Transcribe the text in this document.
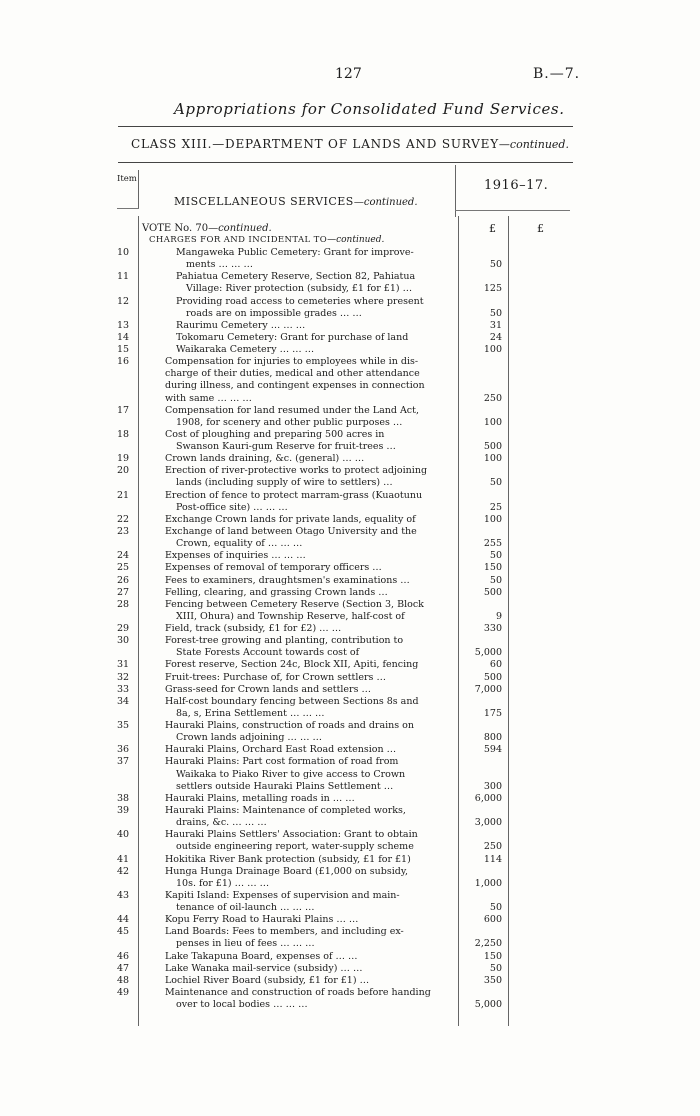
127	B.—7.
Appropriations for Consolidated Fund Services.
CLASS XIII.—DEPARTMENT OF LANDS AND SURVEY—continued.
Item	1916–17.
MISCELLANEOUS SERVICES—continued.
VOTE No. 70—continued.
CHARGES FOR AND INCIDENTAL TO—continued.
£	£
10	Mangaweka Public Cemetery: Grant for improve-
ments … … …	50
11	Pahiatua Cemetery Reserve, Section 82, Pahiatua
Village: River protection (subsidy, £1 for £1) …	125
12	Providing road access to cemeteries where present
roads are on impossible grades … …	50
13	Raurimu Cemetery … … …	31
14	Tokomaru Cemetery: Grant for purchase of land	24
15	Waikaraka Cemetery … … …	100
16	Compensation for injuries to employees while in dis-
charge of their duties, medical and other attendance
during illness, and contingent expenses in connection
with same … … …	250
17	Compensation for land resumed under the Land Act,
1908, for scenery and other public purposes …	100
18	Cost of ploughing and preparing 500 acres in
Swanson Kauri-gum Reserve for fruit-trees …	500
19	Crown lands draining, &c. (general) … …	100
20	Erection of river-protective works to protect adjoining
lands (including supply of wire to settlers) …	50
21	Erection of fence to protect marram-grass (Kuaotunu
Post-office site) … … …	25
22	Exchange Crown lands for private lands, equality of	100
23	Exchange of land between Otago University and the
Crown, equality of … … …	255
24	Expenses of inquiries … … …	50
25	Expenses of removal of temporary officers …	150
26	Fees to examiners, draughtsmen's examinations …	50
27	Felling, clearing, and grassing Crown lands …	500
28	Fencing between Cemetery Reserve (Section 3, Block
XIII, Ohura) and Township Reserve, half-cost of	9
29	Field, track (subsidy, £1 for £2) … …	330
30	Forest-tree growing and planting, contribution to
State Forests Account towards cost of	5,000
31	Forest reserve, Section 24c, Block XII, Apiti, fencing	60
32	Fruit-trees: Purchase of, for Crown settlers …	500
33	Grass-seed for Crown lands and settlers …	7,000
34	Half-cost boundary fencing between Sections 8s and
8a, s, Erina Settlement … … …	175
35	Hauraki Plains, construction of roads and drains on
Crown lands adjoining … … …	800
36	Hauraki Plains, Orchard East Road extension …	594
37	Hauraki Plains: Part cost formation of road from
Waikaka to Piako River to give access to Crown
settlers outside Hauraki Plains Settlement …	300
38	Hauraki Plains, metalling roads in … …	6,000
39	Hauraki Plains: Maintenance of completed works,
drains, &c. … … …	3,000
40	Hauraki Plains Settlers' Association: Grant to obtain
outside engineering report, water-supply scheme	250
41	Hokitika River Bank protection (subsidy, £1 for £1)	114
42	Hunga Hunga Drainage Board (£1,000 on subsidy,
10s. for £1) … … …	1,000
43	Kapiti Island: Expenses of supervision and main-
tenance of oil-launch … … …	50
44	Kopu Ferry Road to Hauraki Plains … …	600
45	Land Boards: Fees to members, and including ex-
penses in lieu of fees … … …	2,250
46	Lake Takapuna Board, expenses of … …	150
47	Lake Wanaka mail-service (subsidy) … …	50
48	Lochiel River Board (subsidy, £1 for £1) …	350
49	Maintenance and construction of roads before handing
over to local bodies … … …	5,000
